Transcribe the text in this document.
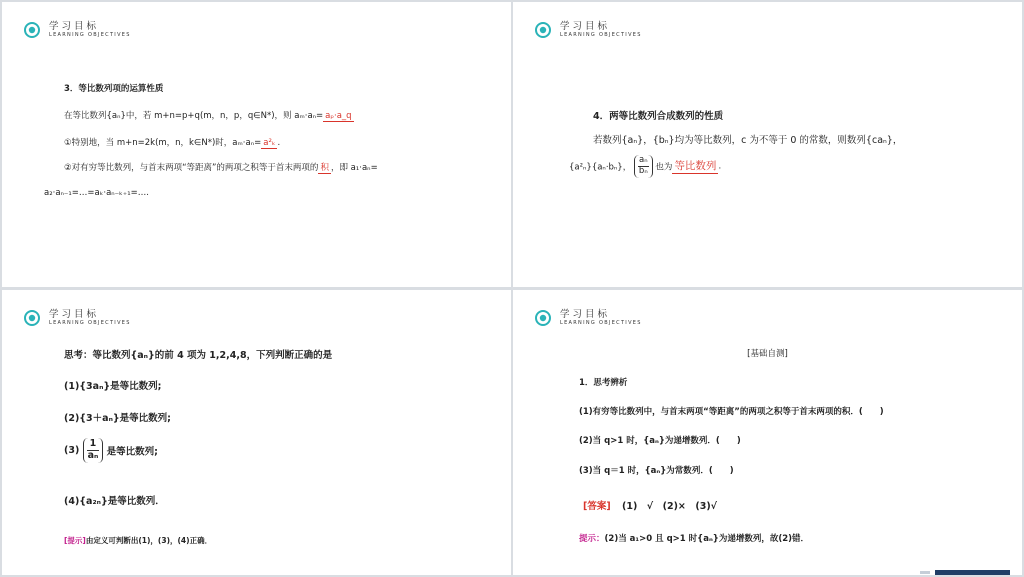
学习目标
LEARNING OBJECTIVES
3．等比数列项的运算性质
在等比数列{aₙ}中，若 m+n=p+q(m，n，p，q∈N*)，则 aₘ·aₙ= aₚ·a_q
①特别地，当 m+n=2k(m，n，k∈N*)时，aₘ·aₙ= a²ₖ .
②对有穷等比数列，与首末两项“等距离”的两项之积等于首末两项的 积 ，即 a₁·aₙ=
a₂·aₙ₋₁=…=aₖ·aₙ₋ₖ₊₁=….
学习目标
LEARNING OBJECTIVES
4．两等比数列合成数列的性质
若数列{aₙ}，{bₙ}均为等比数列，c 为不等于 0 的常数，则数列{caₙ}，
{a²ₙ}{aₙ·bₙ}， $\frac{\text{aₙ}}{\text{bₙ}}$ 也为 等比数列 .
学习目标
LEARNING OBJECTIVES
思考：等比数列{aₙ}的前 4 项为 1,2,4,8，下列判断正确的是
(1){3aₙ}是等比数列;
(2){3＋aₙ}是等比数列;
$(3) \frac{1}{\text{aₙ}}$ 是等比数列;
(4){a₂ₙ}是等比数列．
[提示]由定义可判断出(1)，(3)，(4)正确．
学习目标
LEARNING OBJECTIVES
[基础自测]
1．思考辨析
(1)有穷等比数列中，与首末两项“等距离”的两项之积等于首末两项的积．(　　)
(2)当 q>1 时，{aₙ}为递增数列．(　　)
(3)当 q＝1 时，{aₙ}为常数列．(　　)
[答案] (1)　√　(2)×　(3)√
提示：(2)当 a₁>0 且 q>1 时{aₙ}为递增数列，故(2)错．
